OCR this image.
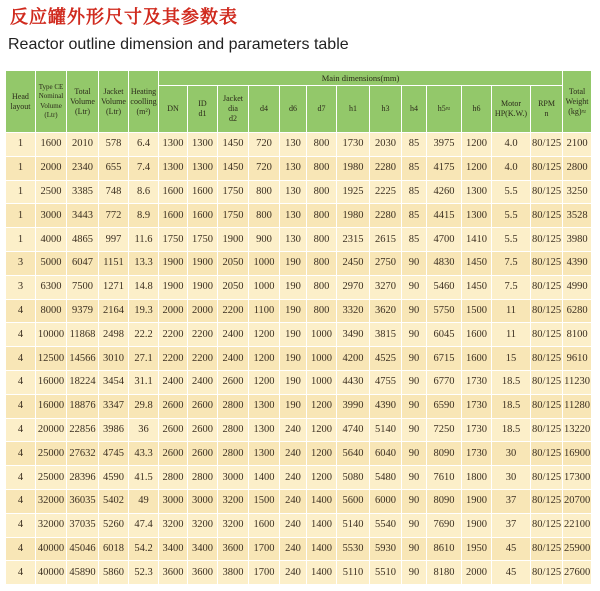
反应罐外形尺寸及其参数表
Reactor outline dimension and parameters table
Head
layout	Type CE
Nominal
Volume
(Ltr)	Total
Volume
(Ltr)	Jacket
Volume
(Ltr)	Heating
coolling
(m²)	Main dimensions(mm)													Total
Weight
(kg)≈

					DN	ID
d1	Jacket
dia
d2	d4	d6	d7	h1	h3	h4	h5≈	h6	Motor
HP(K.W.)	RPM
n	

1	1600	2010	578	6.4	1300	1300	1450	720	130	800	1730	2030	85	3975	1200	4.0	80/125	2100
1	2000	2340	655	7.4	1300	1300	1450	720	130	800	1980	2280	85	4175	1200	4.0	80/125	2800
1	2500	3385	748	8.6	1600	1600	1750	800	130	800	1925	2225	85	4260	1300	5.5	80/125	3250
1	3000	3443	772	8.9	1600	1600	1750	800	130	800	1980	2280	85	4415	1300	5.5	80/125	3528
1	4000	4865	997	11.6	1750	1750	1900	900	130	800	2315	2615	85	4700	1410	5.5	80/125	3980
3	5000	6047	1151	13.3	1900	1900	2050	1000	190	800	2450	2750	90	4830	1450	7.5	80/125	4390
3	6300	7500	1271	14.8	1900	1900	2050	1000	190	800	2970	3270	90	5460	1450	7.5	80/125	4990
4	8000	9379	2164	19.3	2000	2000	2200	1100	190	800	3320	3620	90	5750	1500	11	80/125	6280
4	10000	11868	2498	22.2	2200	2200	2400	1200	190	1000	3490	3815	90	6045	1600	11	80/125	8100
4	12500	14566	3010	27.1	2200	2200	2400	1200	190	1000	4200	4525	90	6715	1600	15	80/125	9610
4	16000	18224	3454	31.1	2400	2400	2600	1200	190	1000	4430	4755	90	6770	1730	18.5	80/125	11230
4	16000	18876	3347	29.8	2600	2600	2800	1300	190	1200	3990	4390	90	6590	1730	18.5	80/125	11280
4	20000	22856	3986	36	2600	2600	2800	1300	240	1200	4740	5140	90	7250	1730	18.5	80/125	13220
4	25000	27632	4745	43.3	2600	2600	2800	1300	240	1200	5640	6040	90	8090	1730	30	80/125	16900
4	25000	28396	4590	41.5	2800	2800	3000	1400	240	1200	5080	5480	90	7610	1800	30	80/125	17300
4	32000	36035	5402	49	3000	3000	3200	1500	240	1400	5600	6000	90	8090	1900	37	80/125	20700
4	32000	37035	5260	47.4	3200	3200	3200	1600	240	1400	5140	5540	90	7690	1900	37	80/125	22100
4	40000	45046	6018	54.2	3400	3400	3600	1700	240	1400	5530	5930	90	8610	1950	45	80/125	25900
4	40000	45890	5860	52.3	3600	3600	3800	1700	240	1400	5110	5510	90	8180	2000	45	80/125	27600
